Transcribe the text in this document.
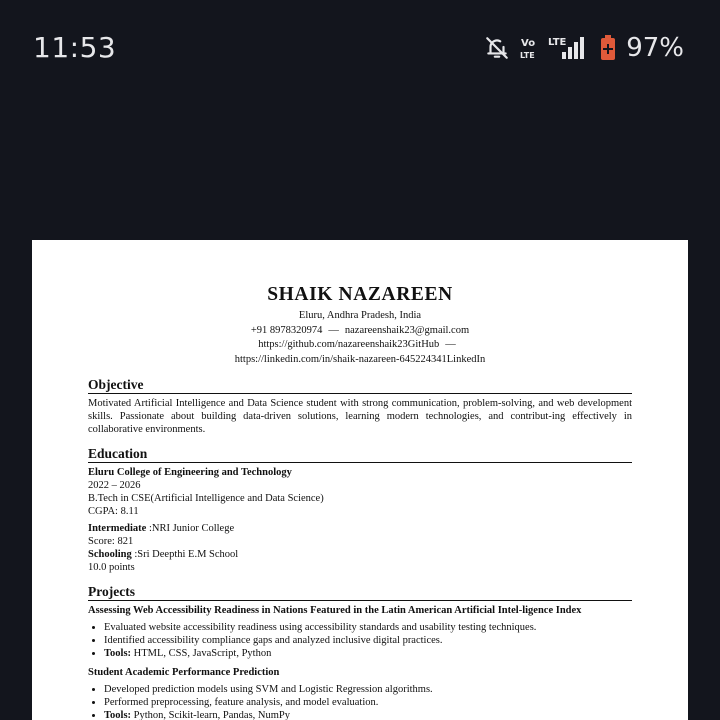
11:53	Vo
LTE
LTE 97%
SHAIK NAZAREEN
Eluru, Andhra Pradesh, India
+91 8978320974 — nazareenshaik23@gmail.com
https://github.com/nazareenshaik23GitHub —
https://linkedin.com/in/shaik-nazareen-645224341LinkedIn
Objective
Motivated Artificial Intelligence and Data Science student with strong communication, problem-solving, and web development skills. Passionate about building data-driven solutions, learning modern technologies, and contribut-ing effectively in collaborative environments.
Education
Eluru College of Engineering and Technology
2022 – 2026
B.Tech in CSE(Artificial Intelligence and Data Science)
CGPA: 8.11
Intermediate :NRI Junior College
Score: 821
Schooling :Sri Deepthi E.M School
10.0 points
Projects
Assessing Web Accessibility Readiness in Nations Featured in the Latin American Artificial Intel-ligence Index
• Evaluated website accessibility readiness using accessibility standards and usability testing techniques.
• Identified accessibility compliance gaps and analyzed inclusive digital practices.
• Tools: HTML, CSS, JavaScript, Python
Student Academic Performance Prediction
• Developed prediction models using SVM and Logistic Regression algorithms.
• Performed preprocessing, feature analysis, and model evaluation.
• Tools: Python, Scikit-learn, Pandas, NumPy
